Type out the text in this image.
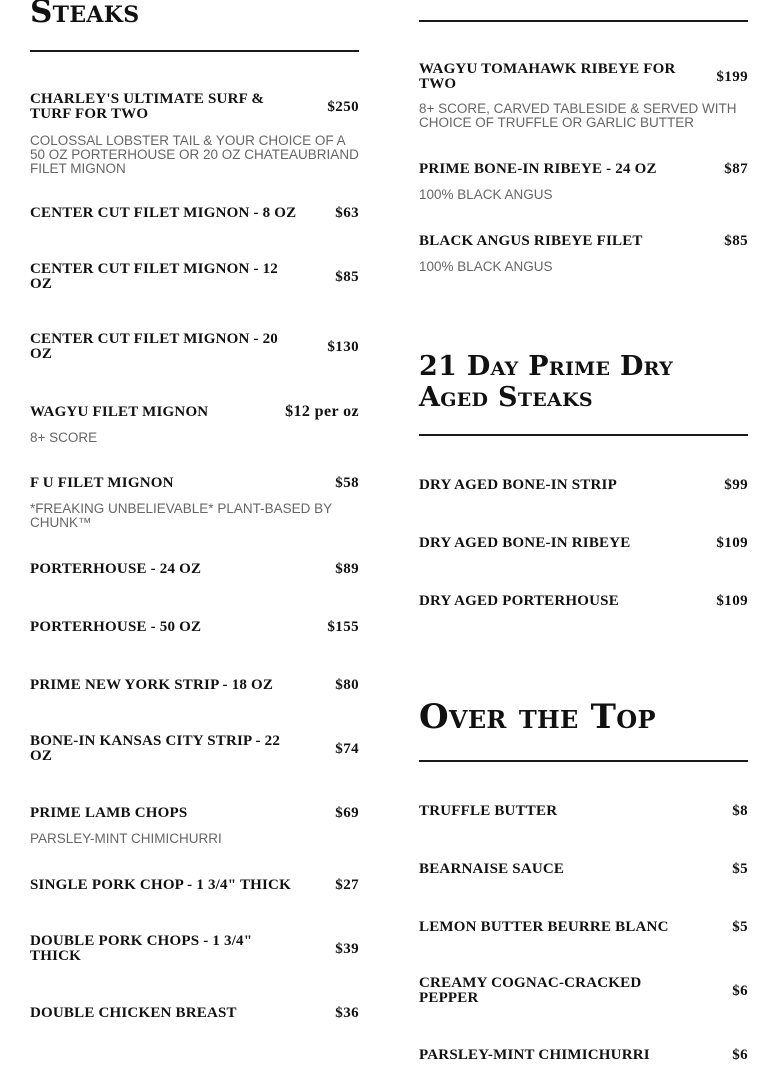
Steaks
CHARLEY'S ULTIMATE SURF & TURF FOR TWO	$250
COLOSSAL LOBSTER TAIL & YOUR CHOICE OF A 50 OZ PORTERHOUSE OR 20 OZ CHATEAUBRIAND FILET MIGNON
CENTER CUT FILET MIGNON - 8 OZ	$63
CENTER CUT FILET MIGNON - 12 OZ	$85
CENTER CUT FILET MIGNON - 20 OZ	$130
WAGYU FILET MIGNON	$12 per oz
8+ SCORE
F U FILET MIGNON	$58
*FREAKING UNBELIEVABLE* PLANT-BASED BY CHUNK™
PORTERHOUSE - 24 OZ	$89
PORTERHOUSE - 50 OZ	$155
PRIME NEW YORK STRIP - 18 OZ	$80
BONE-IN KANSAS CITY STRIP - 22 OZ	$74
PRIME LAMB CHOPS	$69
PARSLEY-MINT CHIMICHURRI
SINGLE PORK CHOP - 1 3/4" THICK	$27
DOUBLE PORK CHOPS - 1 3/4" THICK	$39
DOUBLE CHICKEN BREAST	$36
WAGYU TOMAHAWK RIBEYE FOR TWO	$199
8+ SCORE, CARVED TABLESIDE & SERVED WITH CHOICE OF TRUFFLE OR GARLIC BUTTER
PRIME BONE-IN RIBEYE - 24 OZ	$87
100% BLACK ANGUS
BLACK ANGUS RIBEYE FILET	$85
100% BLACK ANGUS
21 Day Prime Dry Aged Steaks
DRY AGED BONE-IN STRIP	$99
DRY AGED BONE-IN RIBEYE	$109
DRY AGED PORTERHOUSE	$109
Over the Top
TRUFFLE BUTTER	$8
BEARNAISE SAUCE	$5
LEMON BUTTER BEURRE BLANC	$5
CREAMY COGNAC-CRACKED PEPPER	$6
PARSLEY-MINT CHIMICHURRI	$6
